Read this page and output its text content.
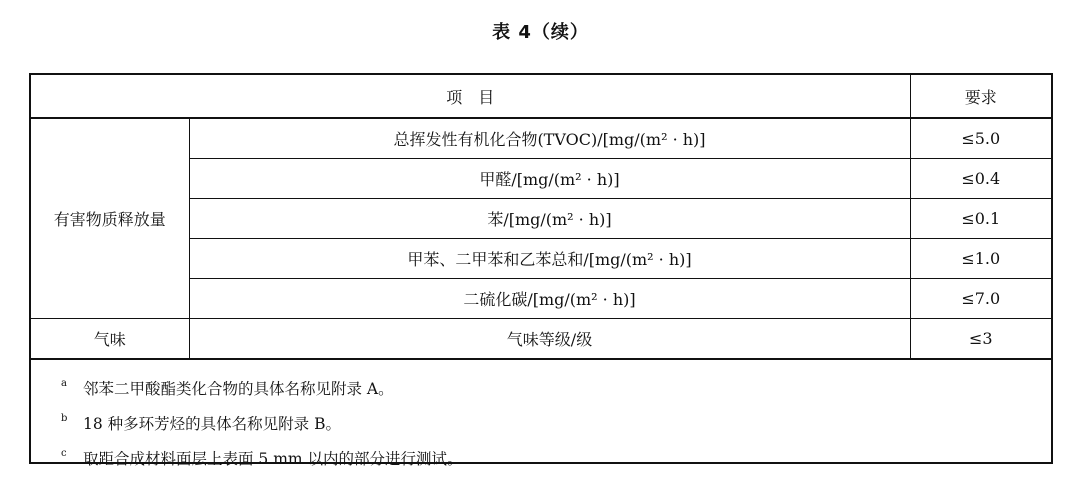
表 4（续）
项　目		要求
有害物质释放量	总挥发性有机化合物(TVOC)/[mg/(m² · h)]	≤5.0
	甲醛/[mg/(m² · h)]	≤0.4
	苯/[mg/(m² · h)]	≤0.1
	甲苯、二甲苯和乙苯总和/[mg/(m² · h)]	≤1.0
	二硫化碳/[mg/(m² · h)]	≤7.0
气味	气味等级/级	≤3
a 邻苯二甲酸酯类化合物的具体名称见附录 A。
b 18 种多环芳烃的具体名称见附录 B。
c 取距合成材料面层上表面 5 mm 以内的部分进行测试。
